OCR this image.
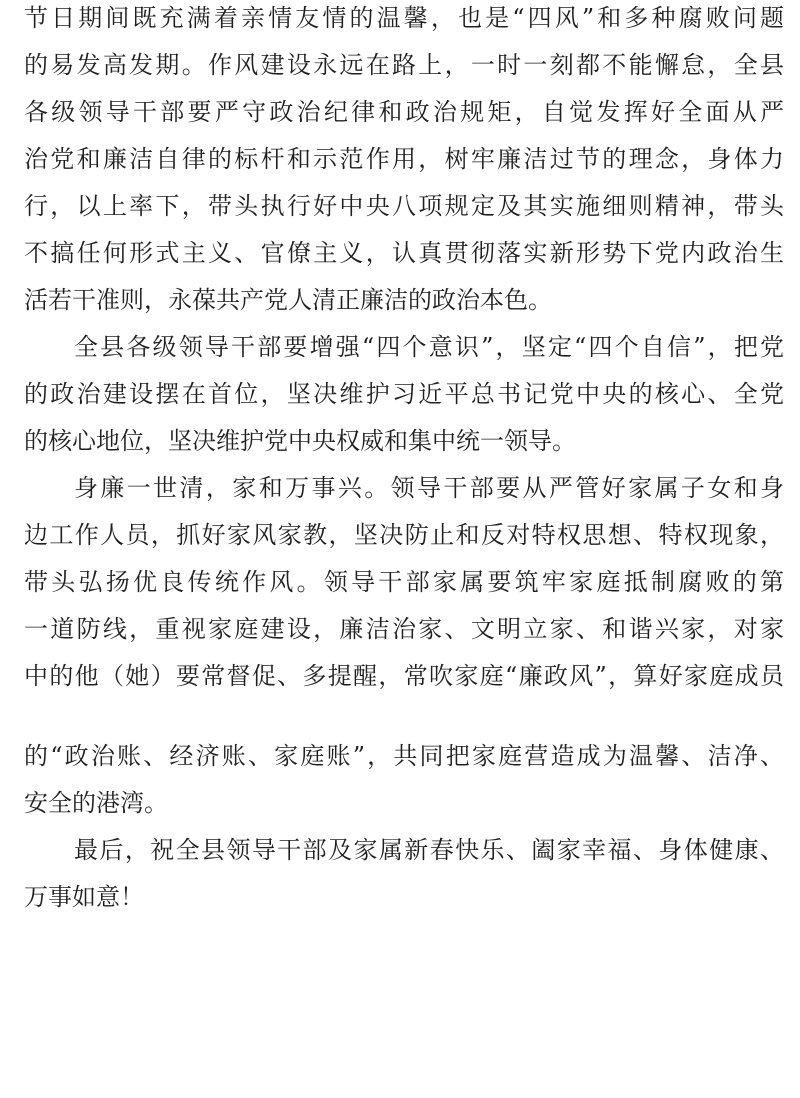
节日期间既充满着亲情友情的温馨，也是“四风”和多种腐败问题
的易发高发期。作风建设永远在路上，一时一刻都不能懈怠，全县
各级领导干部要严守政治纪律和政治规矩，自觉发挥好全面从严
治党和廉洁自律的标杆和示范作用，树牢廉洁过节的理念，身体力
行，以上率下，带头执行好中央八项规定及其实施细则精神，带头
不搞任何形式主义、官僚主义，认真贯彻落实新形势下党内政治生
活若干准则，永葆共产党人清正廉洁的政治本色。
全县各级领导干部要增强“四个意识”，坚定“四个自信”，把党
的政治建设摆在首位，坚决维护习近平总书记党中央的核心、全党
的核心地位，坚决维护党中央权威和集中统一领导。
身廉一世清，家和万事兴。领导干部要从严管好家属子女和身
边工作人员，抓好家风家教，坚决防止和反对特权思想、特权现象，
带头弘扬优良传统作风。领导干部家属要筑牢家庭抵制腐败的第
一道防线，重视家庭建设，廉洁治家、文明立家、和谐兴家，对家
中的他（她）要常督促、多提醒，常吹家庭“廉政风”，算好家庭成员
的“政治账、经济账、家庭账”，共同把家庭营造成为温馨、洁净、
安全的港湾。
最后，祝全县领导干部及家属新春快乐、阖家幸福、身体健康、
万事如意！
